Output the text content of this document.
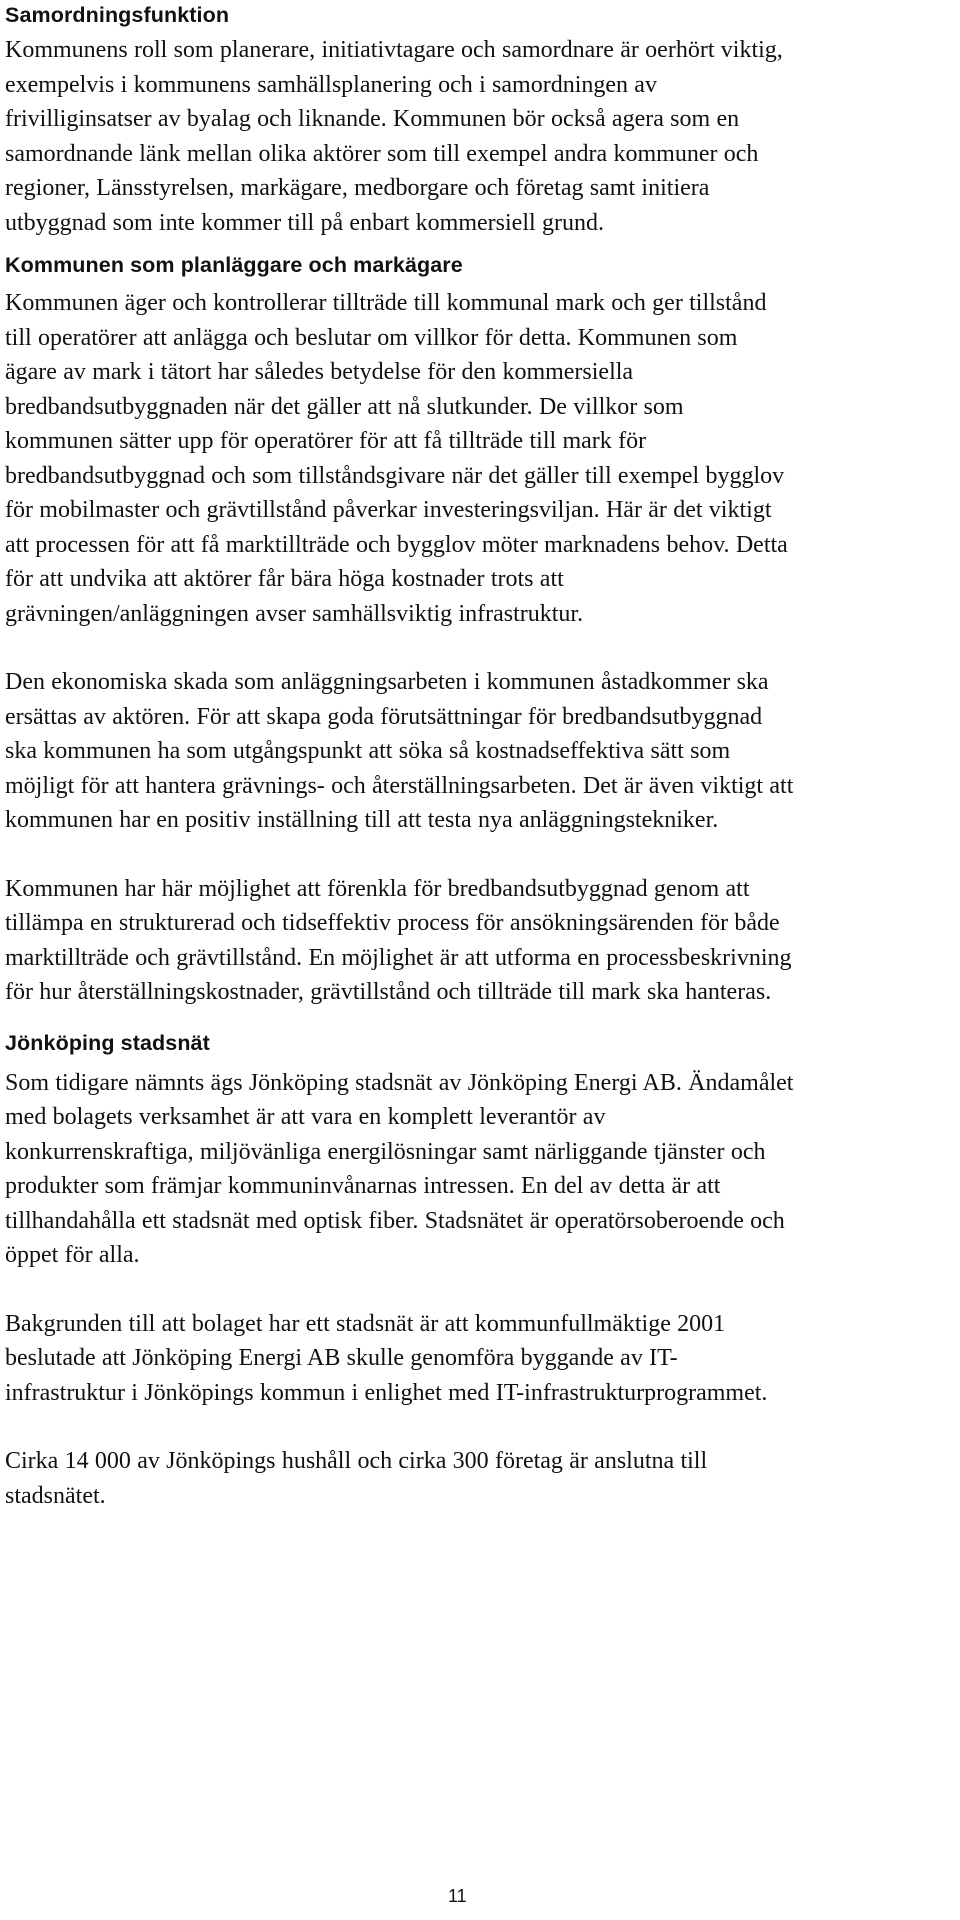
Samordningsfunktion

Kommunens roll som planerare, initiativtagare och samordnare är oerhört viktig, exempelvis i kommunens samhällsplanering och i samordningen av frivilliginsatser av byalag och liknande. Kommunen bör också agera som en samordnande länk mellan olika aktörer som till exempel andra kommuner och regioner, Länsstyrelsen, markägare, medborgare och företag samt initiera utbyggnad som inte kommer till på enbart kommersiell grund.

Kommunen som planläggare och markägare

Kommunen äger och kontrollerar tillträde till kommunal mark och ger tillstånd till operatörer att anlägga och beslutar om villkor för detta. Kommunen som ägare av mark i tätort har således betydelse för den kommersiella bredbandsutbyggnaden när det gäller att nå slutkunder. De villkor som kommunen sätter upp för operatörer för att få tillträde till mark för bredbandsutbyggnad och som tillståndsgivare när det gäller till exempel bygglov för mobilmaster och grävtillstånd påverkar investeringsviljan. Här är det viktigt att processen för att få marktillträde och bygglov möter marknadens behov. Detta för att undvika att aktörer får bära höga kostnader trots att grävningen/anläggningen avser samhällsviktig infrastruktur.

Den ekonomiska skada som anläggningsarbeten i kommunen åstadkommer ska ersättas av aktören. För att skapa goda förutsättningar för bredbandsutbyggnad ska kommunen ha som utgångspunkt att söka så kostnadseffektiva sätt som möjligt för att hantera grävnings- och återställningsarbeten. Det är även viktigt att kommunen har en positiv inställning till att testa nya anläggningstekniker.

Kommunen har här möjlighet att förenkla för bredbandsutbyggnad genom att tillämpa en strukturerad och tidseffektiv process för ansökningsärenden för både marktillträde och grävtillstånd. En möjlighet är att utforma en processbeskrivning för hur återställningskostnader, grävtillstånd och tillträde till mark ska hanteras.

Jönköping stadsnät

Som tidigare nämnts ägs Jönköping stadsnät av Jönköping Energi AB. Ändamålet med bolagets verksamhet är att vara en komplett leverantör av konkurrenskraftiga, miljövänliga energilösningar samt närliggande tjänster och produkter som främjar kommuninvånarnas intressen. En del av detta är att tillhandahålla ett stadsnät med optisk fiber. Stadsnätet är operatörsoberoende och öppet för alla.

Bakgrunden till att bolaget har ett stadsnät är att kommunfullmäktige 2001 beslutade att Jönköping Energi AB skulle genomföra byggande av IT-infrastruktur i Jönköpings kommun i enlighet med IT-infrastrukturprogrammet.

Cirka 14 000 av Jönköpings hushåll och cirka 300 företag är anslutna till stadsnätet.

11
